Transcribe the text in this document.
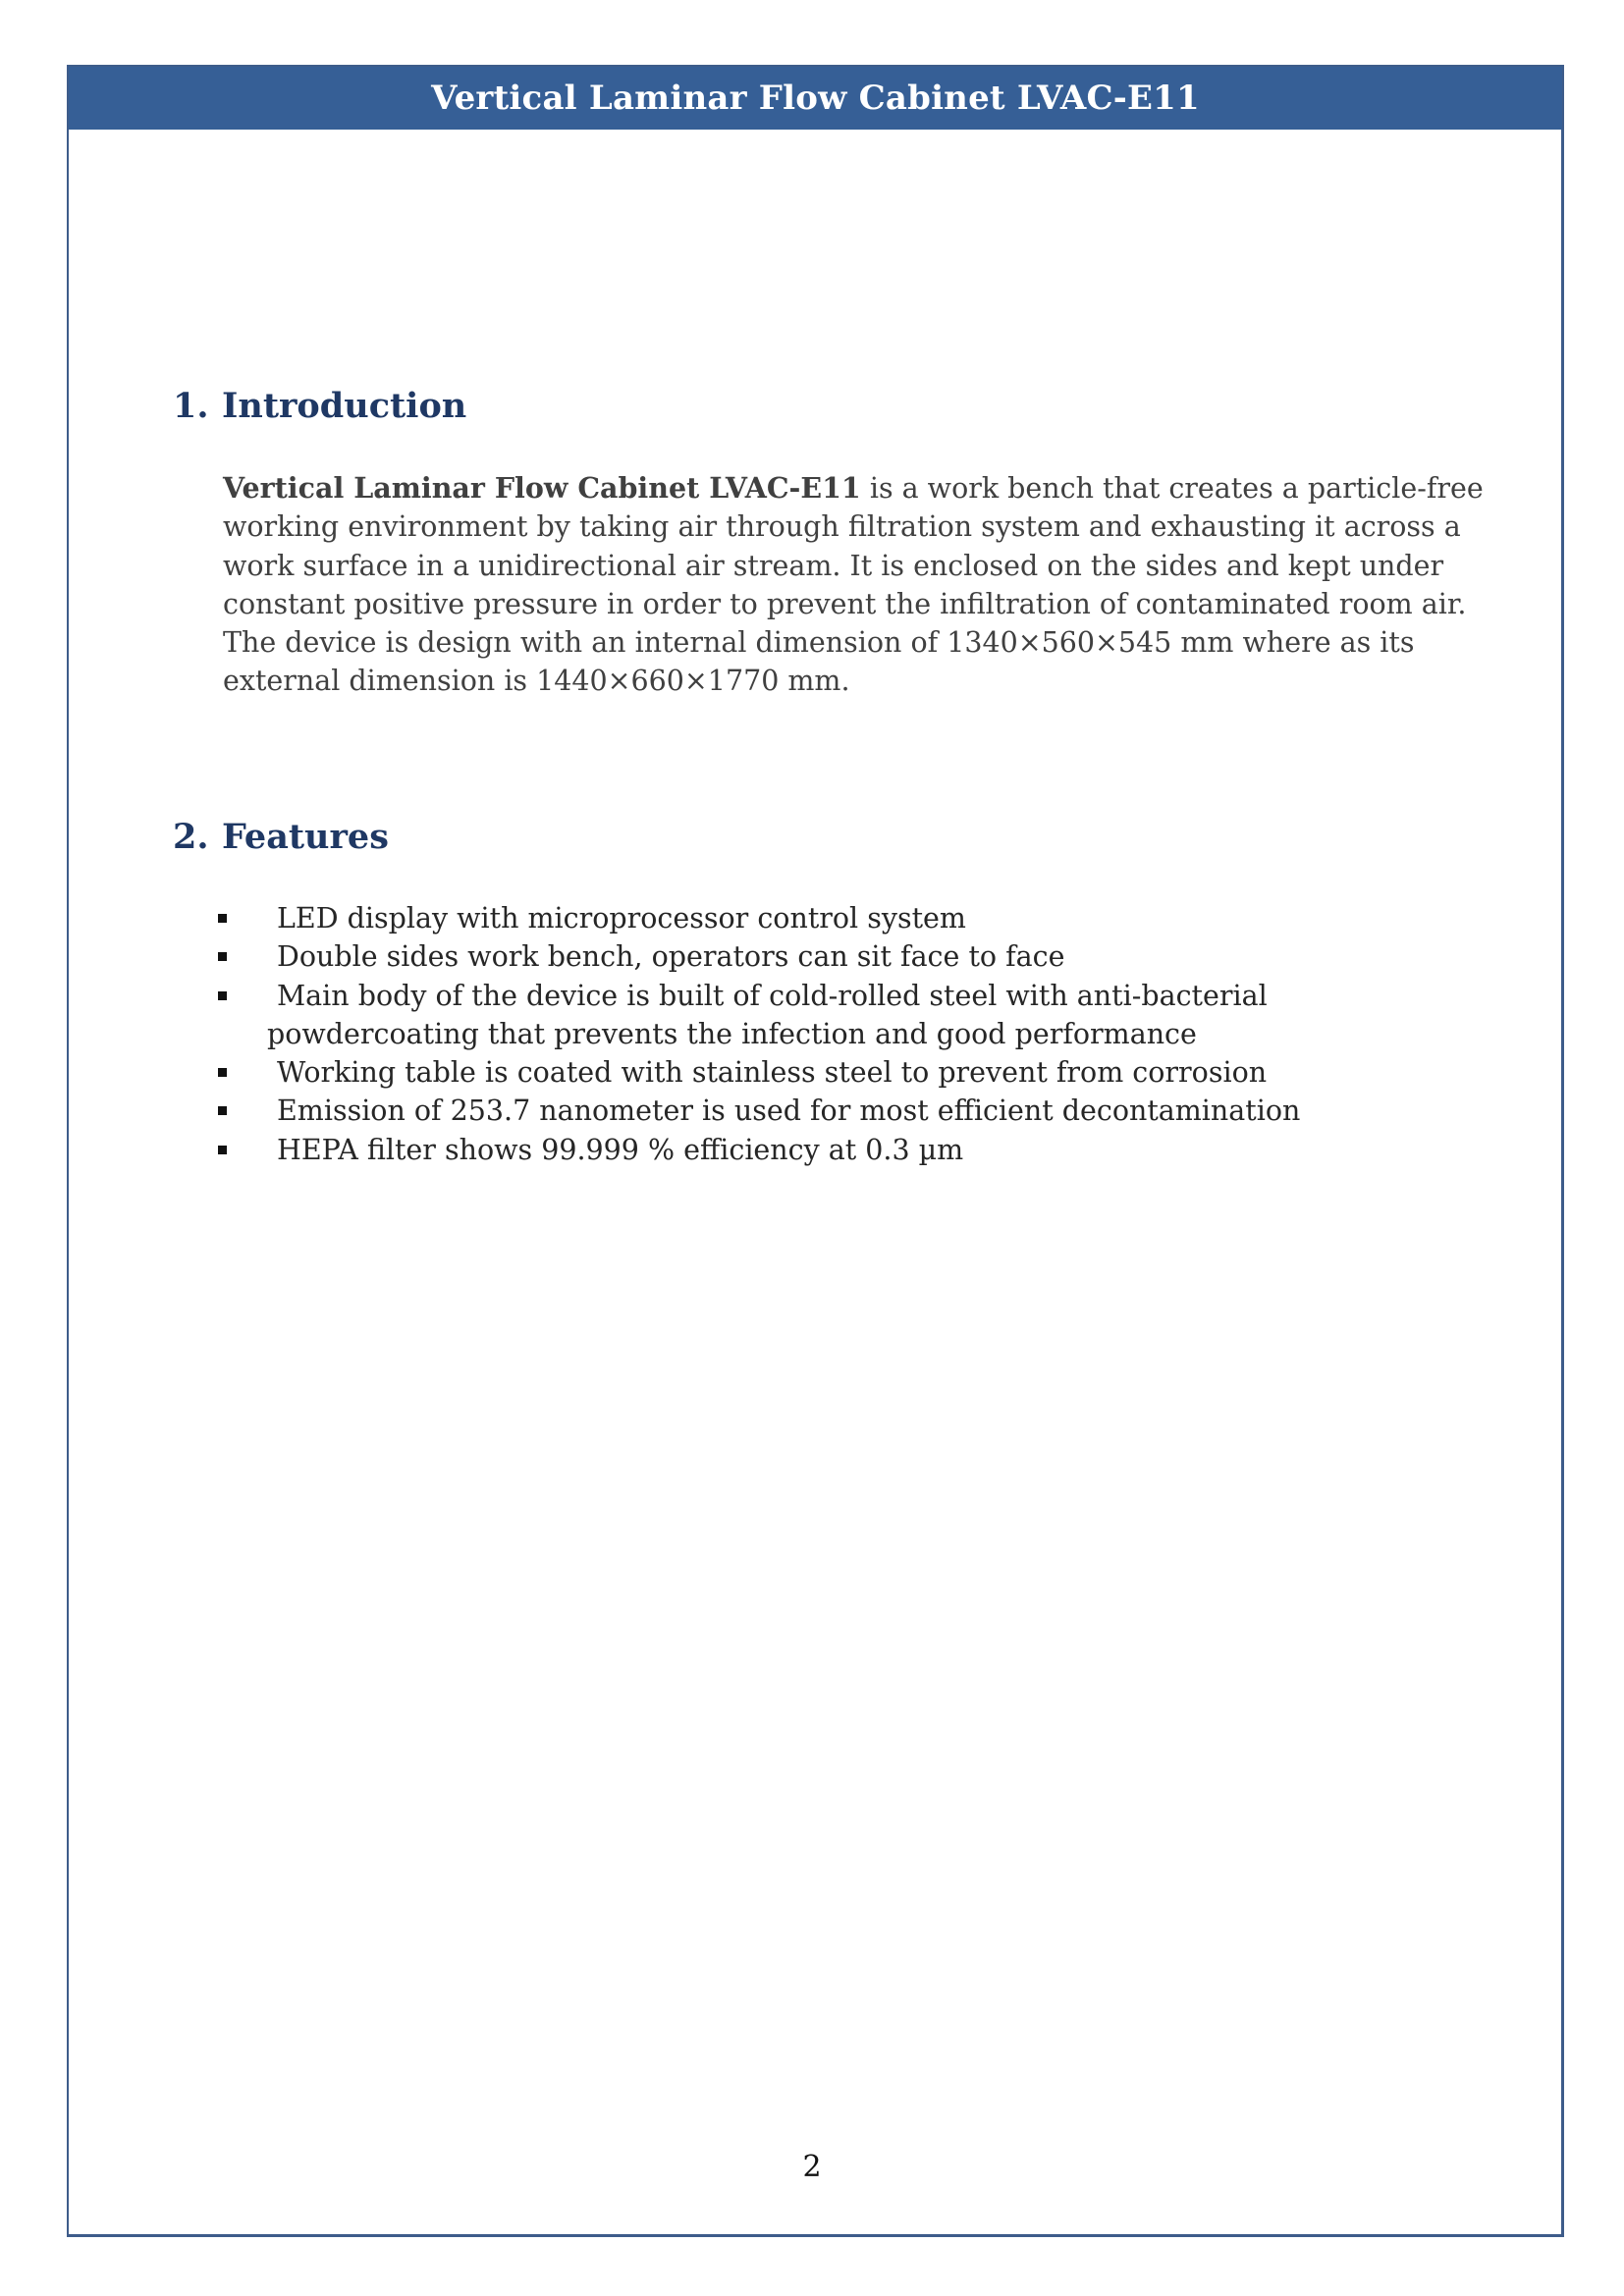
Vertical Laminar Flow Cabinet LVAC-E11
1. Introduction

Vertical Laminar Flow Cabinet LVAC-E11 is a work bench that creates a particle-free
working environment by taking air through filtration system and exhausting it across a
work surface in a unidirectional air stream. It is enclosed on the sides and kept under
constant positive pressure in order to prevent the infiltration of contaminated room air.
The device is design with an internal dimension of 1340×560×545 mm where as its
external dimension is 1440×660×1770 mm.

2. Features
LED display with microprocessor control system
Double sides work bench, operators can sit face to face
Main body of the device is built of cold-rolled steel with anti-bacterial
powdercoating that prevents the infection and good performance
Working table is coated with stainless steel to prevent from corrosion
Emission of 253.7 nanometer is used for most efficient decontamination
HEPA filter shows 99.999 % efficiency at 0.3 µm
2
